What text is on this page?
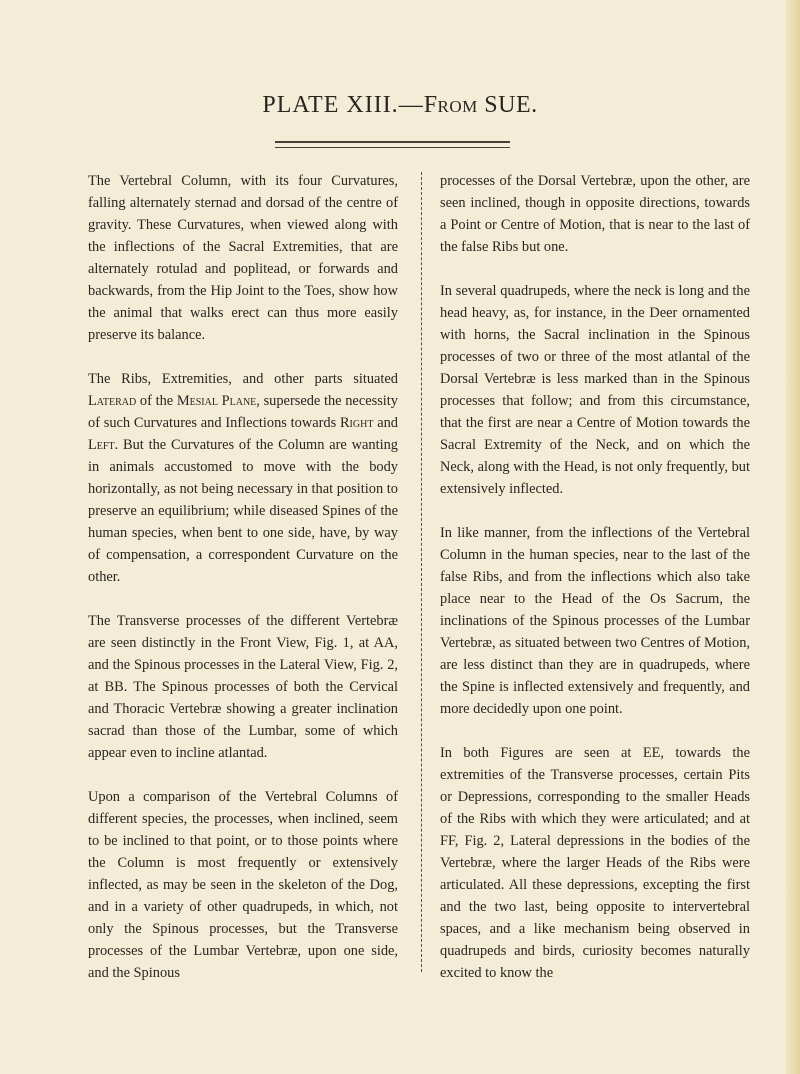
PLATE XIII.—From SUE.

The Vertebral Column, with its four Curvatures, falling alternately sternad and dorsad of the centre of gravity. These Curvatures, when viewed along with the inflections of the Sacral Extremities, that are alternately rotulad and poplitead, or forwards and backwards, from the Hip Joint to the Toes, show how the animal that walks erect can thus more easily preserve its balance.

The Ribs, Extremities, and other parts situated Laterad of the Mesial Plane, supersede the necessity of such Curvatures and Inflections towards Right and Left. But the Curvatures of the Column are wanting in animals accustomed to move with the body horizontally, as not being necessary in that position to preserve an equilibrium; while diseased Spines of the human species, when bent to one side, have, by way of compensation, a correspondent Curvature on the other.

The Transverse processes of the different Vertebræ are seen distinctly in the Front View, Fig. 1, at AA, and the Spinous processes in the Lateral View, Fig. 2, at BB. The Spinous processes of both the Cervical and Thoracic Vertebræ showing a greater inclination sacrad than those of the Lumbar, some of which appear even to incline atlantad.

Upon a comparison of the Vertebral Columns of different species, the processes, when inclined, seem to be inclined to that point, or to those points where the Column is most frequently or extensively inflected, as may be seen in the skeleton of the Dog, and in a variety of other quadrupeds, in which, not only the Spinous processes, but the Transverse processes of the Lumbar Vertebræ, upon one side, and the Spinous

processes of the Dorsal Vertebræ, upon the other, are seen inclined, though in opposite directions, towards a Point or Centre of Motion, that is near to the last of the false Ribs but one.

In several quadrupeds, where the neck is long and the head heavy, as, for instance, in the Deer ornamented with horns, the Sacral inclination in the Spinous processes of two or three of the most atlantal of the Dorsal Vertebræ is less marked than in the Spinous processes that follow; and from this circumstance, that the first are near a Centre of Motion towards the Sacral Extremity of the Neck, and on which the Neck, along with the Head, is not only frequently, but extensively inflected.

In like manner, from the inflections of the Vertebral Column in the human species, near to the last of the false Ribs, and from the inflections which also take place near to the Head of the Os Sacrum, the inclinations of the Spinous processes of the Lumbar Vertebræ, as situated between two Centres of Motion, are less distinct than they are in quadrupeds, where the Spine is inflected extensively and frequently, and more decidedly upon one point.

In both Figures are seen at EE, towards the extremities of the Transverse processes, certain Pits or Depressions, corresponding to the smaller Heads of the Ribs with which they were articulated; and at FF, Fig. 2, Lateral depressions in the bodies of the Vertebræ, where the larger Heads of the Ribs were articulated. All these depressions, excepting the first and the two last, being opposite to intervertebral spaces, and a like mechanism being observed in quadrupeds and birds, curiosity becomes naturally excited to know the
